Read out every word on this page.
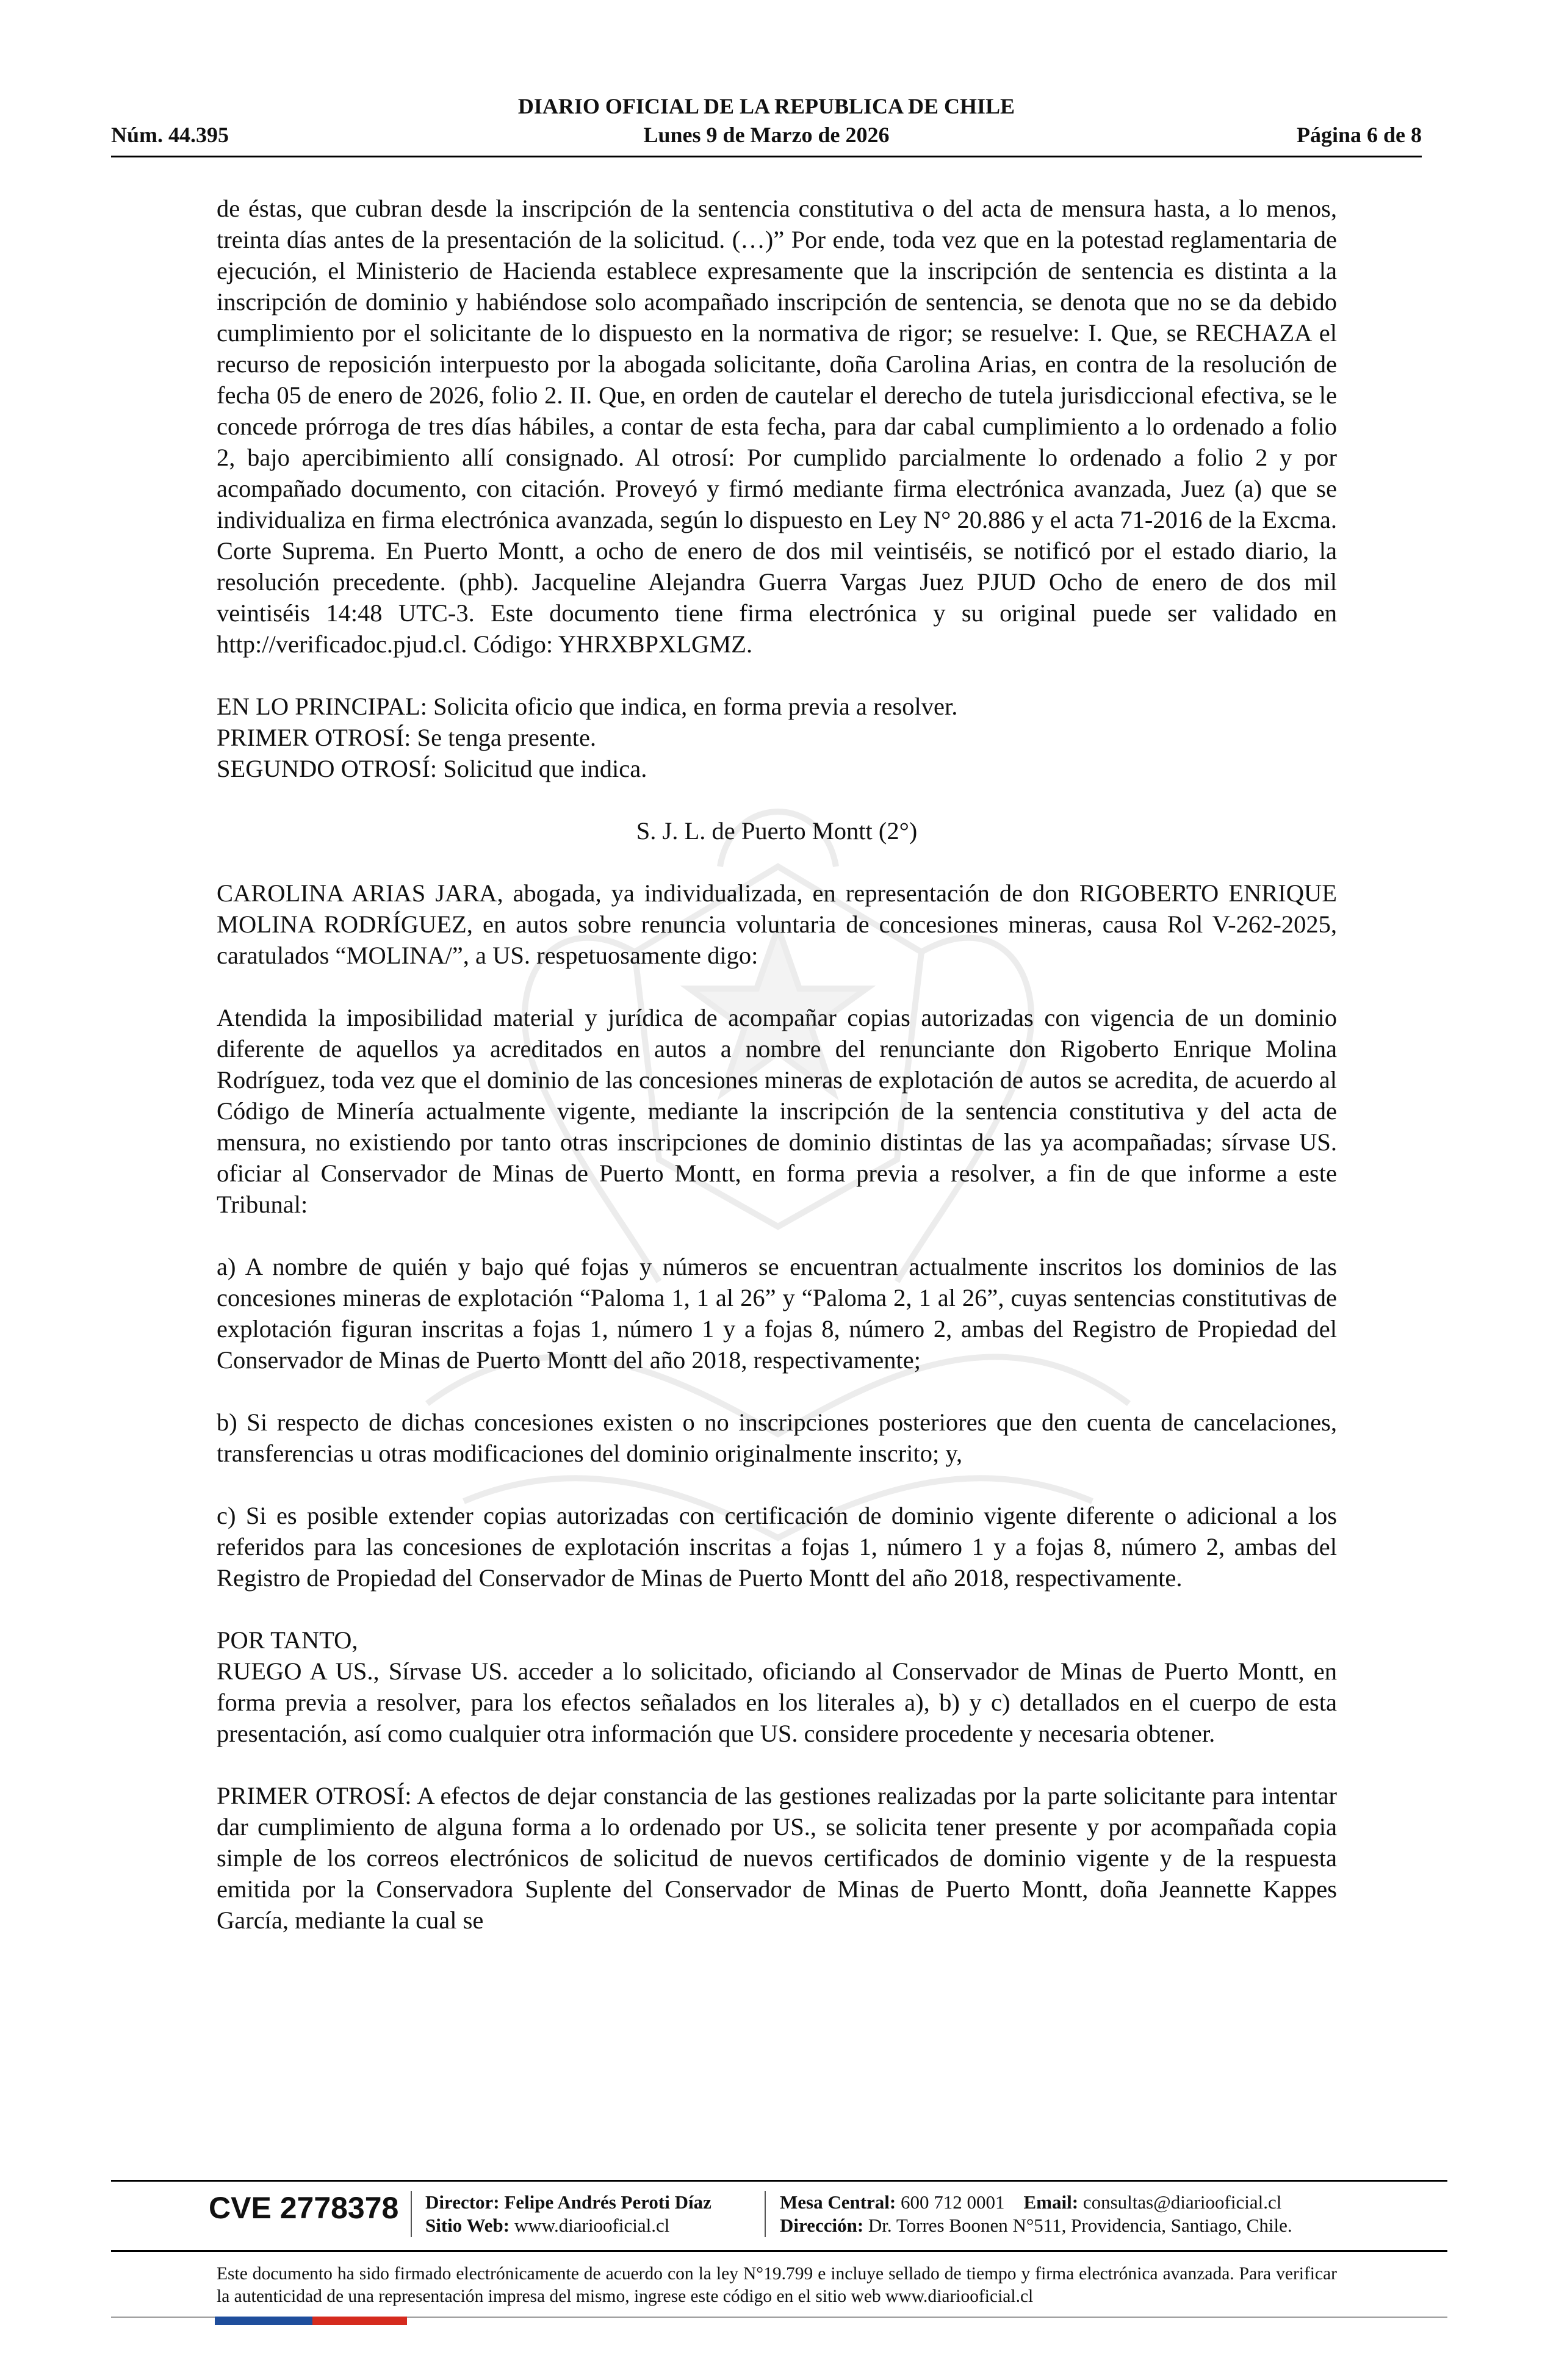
DIARIO OFICIAL DE LA REPUBLICA DE CHILE
Núm. 44.395	Lunes 9 de Marzo de 2026	Página 6 de 8

de éstas, que cubran desde la inscripción de la sentencia constitutiva o del acta de mensura hasta, a lo menos, treinta días antes de la presentación de la solicitud. (…)” Por ende, toda vez que en la potestad reglamentaria de ejecución, el Ministerio de Hacienda establece expresamente que la inscripción de sentencia es distinta a la inscripción de dominio y habiéndose solo acompañado inscripción de sentencia, se denota que no se da debido cumplimiento por el solicitante de lo dispuesto en la normativa de rigor; se resuelve: I. Que, se RECHAZA el recurso de reposición interpuesto por la abogada solicitante, doña Carolina Arias, en contra de la resolución de fecha 05 de enero de 2026, folio 2. II. Que, en orden de cautelar el derecho de tutela jurisdiccional efectiva, se le concede prórroga de tres días hábiles, a contar de esta fecha, para dar cabal cumplimiento a lo ordenado a folio 2, bajo apercibimiento allí consignado. Al otrosí: Por cumplido parcialmente lo ordenado a folio 2 y por acompañado documento, con citación. Proveyó y firmó mediante firma electrónica avanzada, Juez (a) que se individualiza en firma electrónica avanzada, según lo dispuesto en Ley N° 20.886 y el acta 71-2016 de la Excma. Corte Suprema. En Puerto Montt, a ocho de enero de dos mil veintiséis, se notificó por el estado diario, la resolución precedente. (phb). Jacqueline Alejandra Guerra Vargas Juez PJUD Ocho de enero de dos mil veintiséis 14:48 UTC-3. Este documento tiene firma electrónica y su original puede ser validado en http://verificadoc.pjud.cl. Código: YHRXBPXLGMZ.

EN LO PRINCIPAL: Solicita oficio que indica, en forma previa a resolver.

PRIMER OTROSÍ: Se tenga presente.

SEGUNDO OTROSÍ: Solicitud que indica.

S. J. L. de Puerto Montt (2°)

CAROLINA ARIAS JARA, abogada, ya individualizada, en representación de don RIGOBERTO ENRIQUE MOLINA RODRÍGUEZ, en autos sobre renuncia voluntaria de concesiones mineras, causa Rol V-262-2025, caratulados “MOLINA/”, a US. respetuosamente digo:

Atendida la imposibilidad material y jurídica de acompañar copias autorizadas con vigencia de un dominio diferente de aquellos ya acreditados en autos a nombre del renunciante don Rigoberto Enrique Molina Rodríguez, toda vez que el dominio de las concesiones mineras de explotación de autos se acredita, de acuerdo al Código de Minería actualmente vigente, mediante la inscripción de la sentencia constitutiva y del acta de mensura, no existiendo por tanto otras inscripciones de dominio distintas de las ya acompañadas; sírvase US. oficiar al Conservador de Minas de Puerto Montt, en forma previa a resolver, a fin de que informe a este Tribunal:

a) A nombre de quién y bajo qué fojas y números se encuentran actualmente inscritos los dominios de las concesiones mineras de explotación “Paloma 1, 1 al 26” y “Paloma 2, 1 al 26”, cuyas sentencias constitutivas de explotación figuran inscritas a fojas 1, número 1 y a fojas 8, número 2, ambas del Registro de Propiedad del Conservador de Minas de Puerto Montt del año 2018, respectivamente;

b) Si respecto de dichas concesiones existen o no inscripciones posteriores que den cuenta de cancelaciones, transferencias u otras modificaciones del dominio originalmente inscrito; y,

c) Si es posible extender copias autorizadas con certificación de dominio vigente diferente o adicional a los referidos para las concesiones de explotación inscritas a fojas 1, número 1 y a fojas 8, número 2, ambas del Registro de Propiedad del Conservador de Minas de Puerto Montt del año 2018, respectivamente.

POR TANTO,

RUEGO A US., Sírvase US. acceder a lo solicitado, oficiando al Conservador de Minas de Puerto Montt, en forma previa a resolver, para los efectos señalados en los literales a), b) y c) detallados en el cuerpo de esta presentación, así como cualquier otra información que US. considere procedente y necesaria obtener.

PRIMER OTROSÍ: A efectos de dejar constancia de las gestiones realizadas por la parte solicitante para intentar dar cumplimiento de alguna forma a lo ordenado por US., se solicita tener presente y por acompañada copia simple de los correos electrónicos de solicitud de nuevos certificados de dominio vigente y de la respuesta emitida por la Conservadora Suplente del Conservador de Minas de Puerto Montt, doña Jeannette Kappes García, mediante la cual se

CVE 2778378 Director: Felipe Andrés Peroti Díaz
Sitio Web: www.diariooficial.cl
Mesa Central: 600 712 0001 Email: consultas@diariooficial.cl
Dirección: Dr. Torres Boonen N°511, Providencia, Santiago, Chile.
Este documento ha sido firmado electrónicamente de acuerdo con la ley N°19.799 e incluye sellado de tiempo y firma electrónica avanzada. Para verificar la autenticidad de una representación impresa del mismo, ingrese este código en el sitio web www.diariooficial.cl
